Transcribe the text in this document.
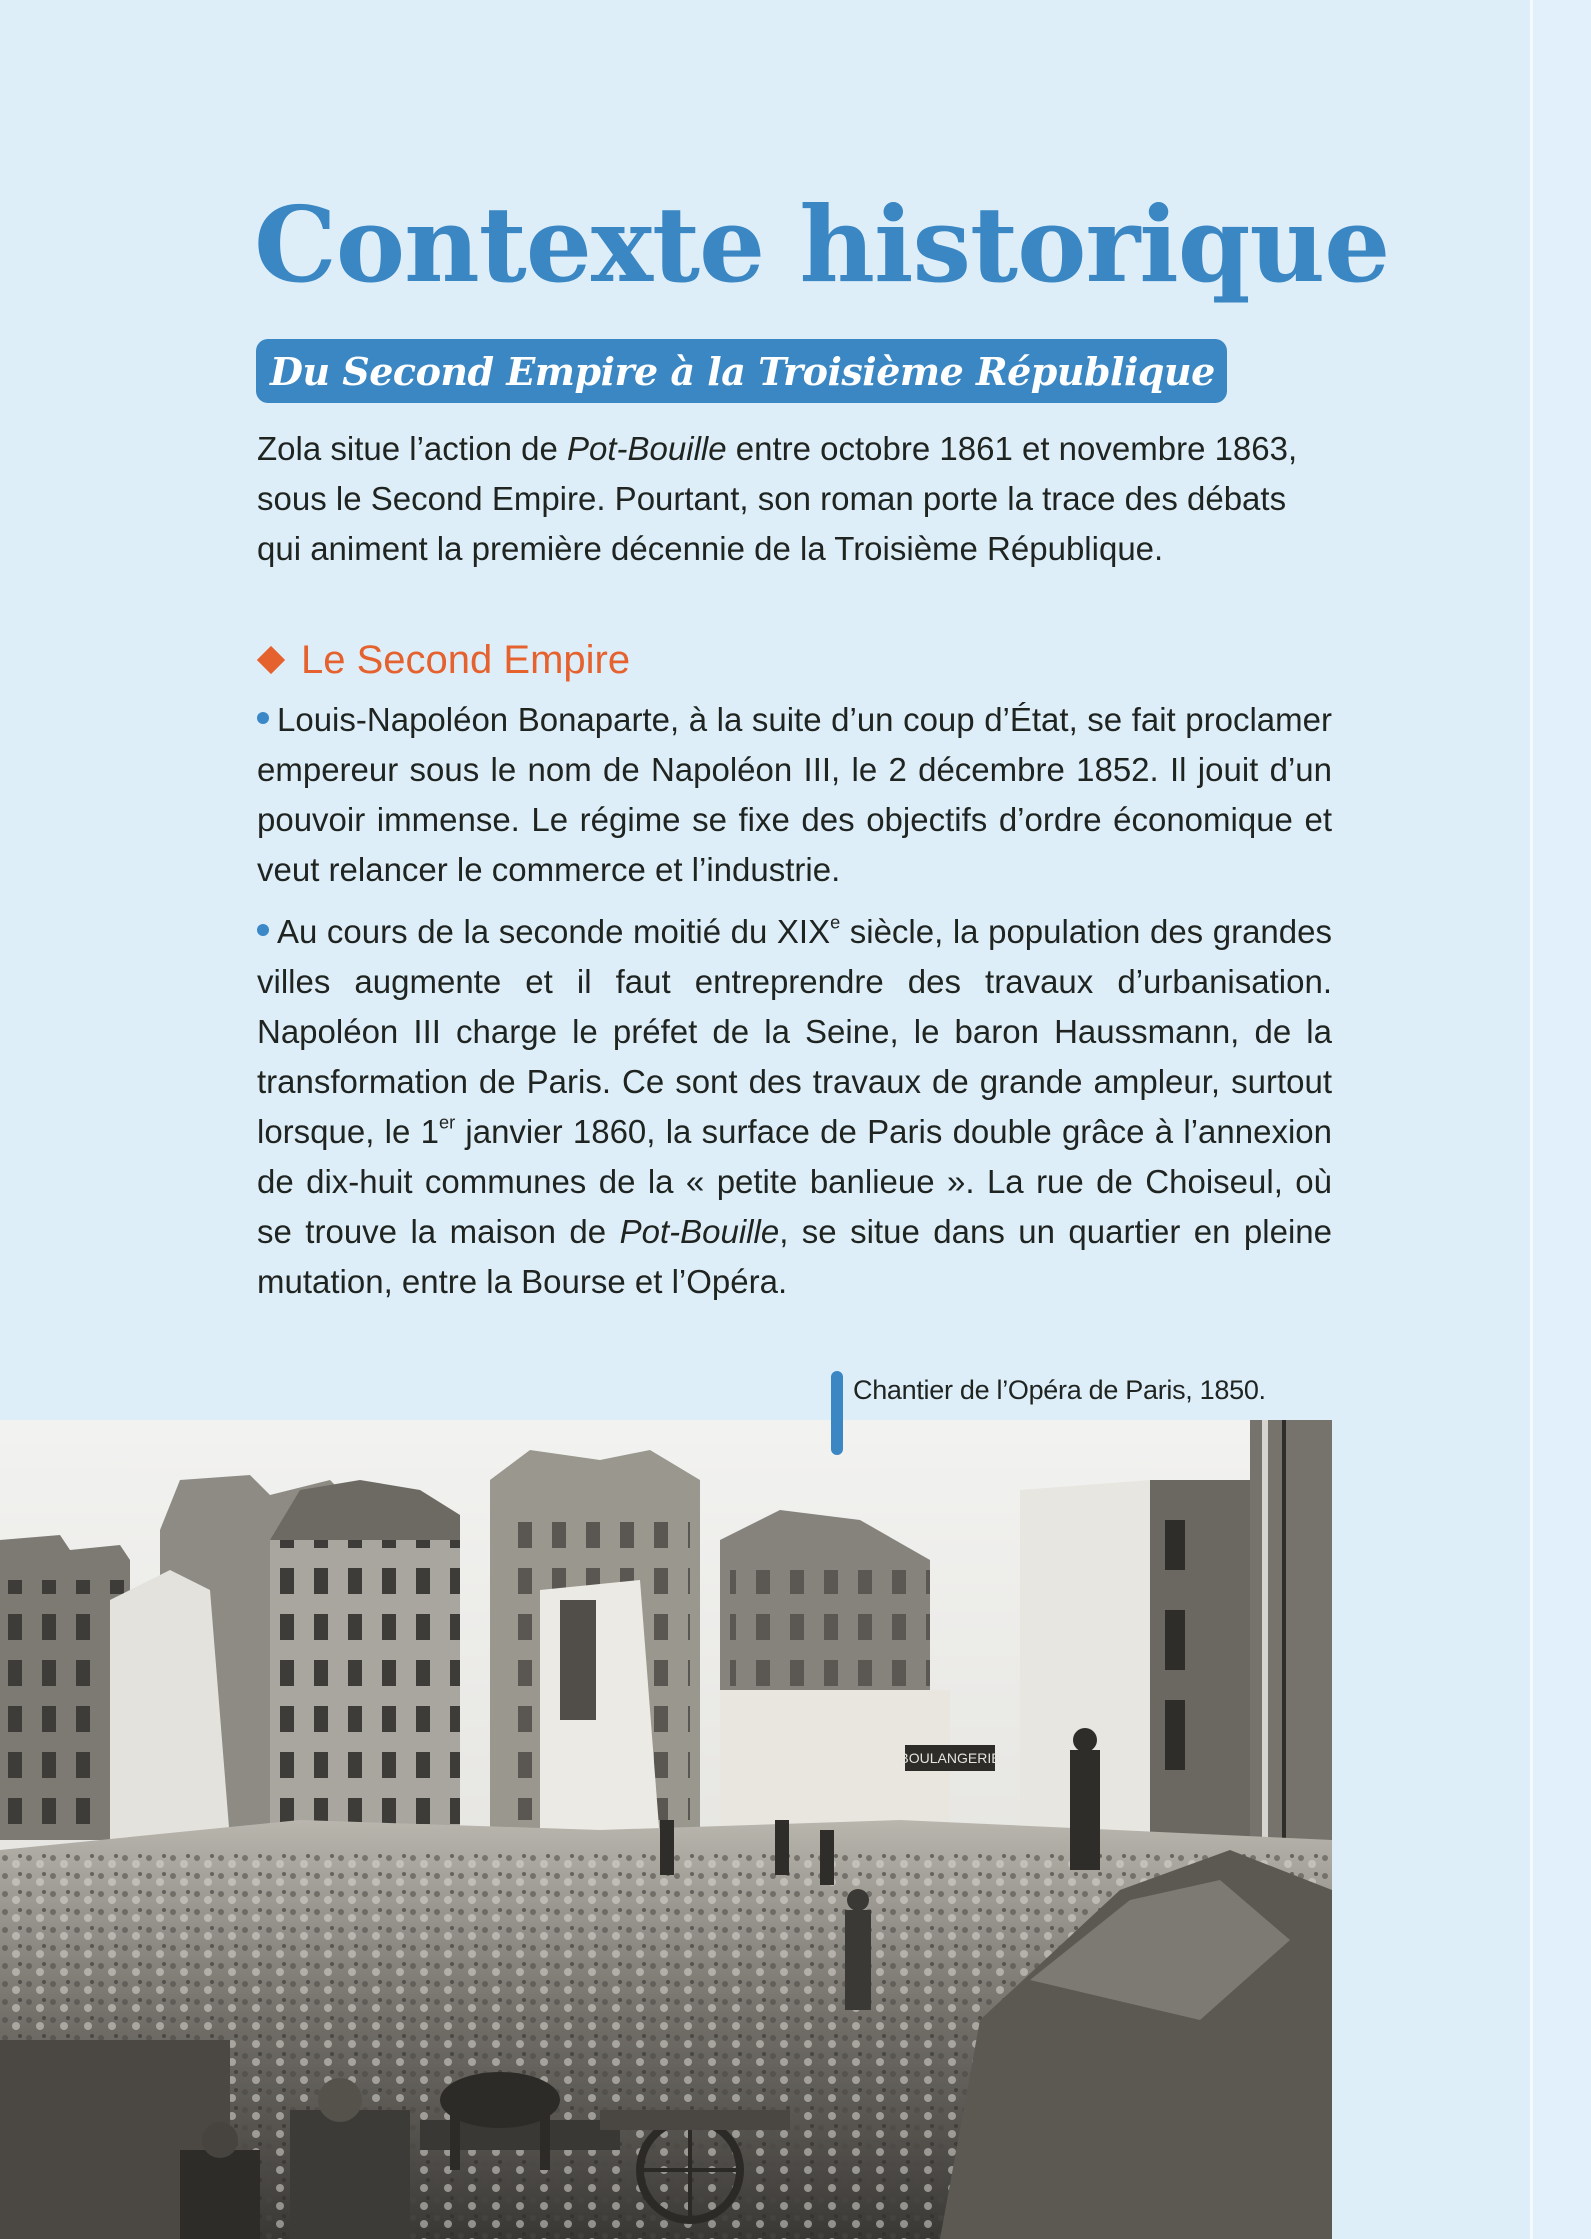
Contexte historique
Du Second Empire à la Troisième République

Zola situe l’action de Pot-Bouille entre octobre 1861 et novembre 1863, sous le Second Empire. Pourtant, son roman porte la trace des débats qui animent la première décennie de la Troisième République.

Le Second Empire

Louis-Napoléon Bonaparte, à la suite d’un coup d’État, se fait proclamer empereur sous le nom de Napoléon III, le 2 décembre 1852. Il jouit d’un pouvoir immense. Le régime se fixe des objectifs d’ordre économique et veut relancer le commerce et l’industrie.

Au cours de la seconde moitié du XIXe siècle, la population des grandes villes augmente et il faut entreprendre des travaux d’urbanisation. Napoléon III charge le préfet de la Seine, le baron Haussmann, de la transformation de Paris. Ce sont des travaux de grande ampleur, surtout lorsque, le 1er janvier 1860, la surface de Paris double grâce à l’annexion de dix-huit communes de la « petite banlieue ». La rue de Choiseul, où se trouve la maison de Pot-Bouille, se situe dans un quartier en pleine mutation, entre la Bourse et l’Opéra.

Chantier de l’Opéra de Paris, 1850.
BOULANGERIE
